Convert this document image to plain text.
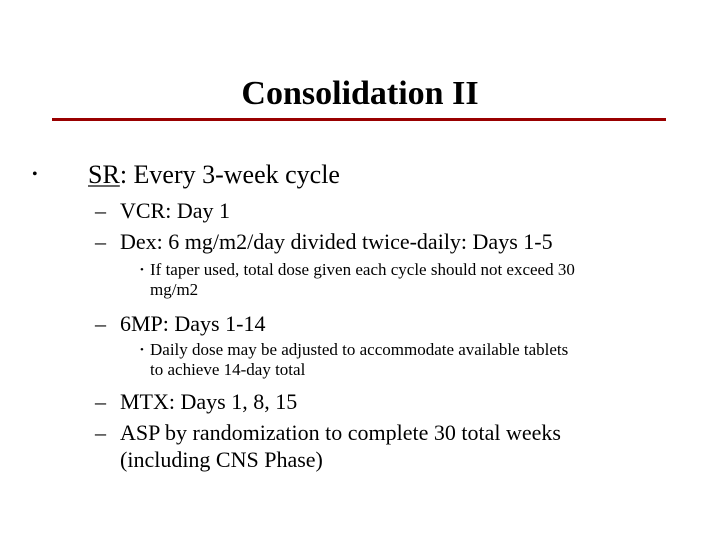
Consolidation II
• SR: Every 3-week cycle
– VCR: Day 1
– Dex: 6 mg/m2/day divided twice-daily: Days 1-5
• If taper used, total dose given each cycle should not exceed 30
mg/m2
– 6MP: Days 1-14
• Daily dose may be adjusted to accommodate available tablets
to achieve 14-day total
– MTX: Days 1, 8, 15
– ASP by randomization to complete 30 total weeks
(including CNS Phase)
